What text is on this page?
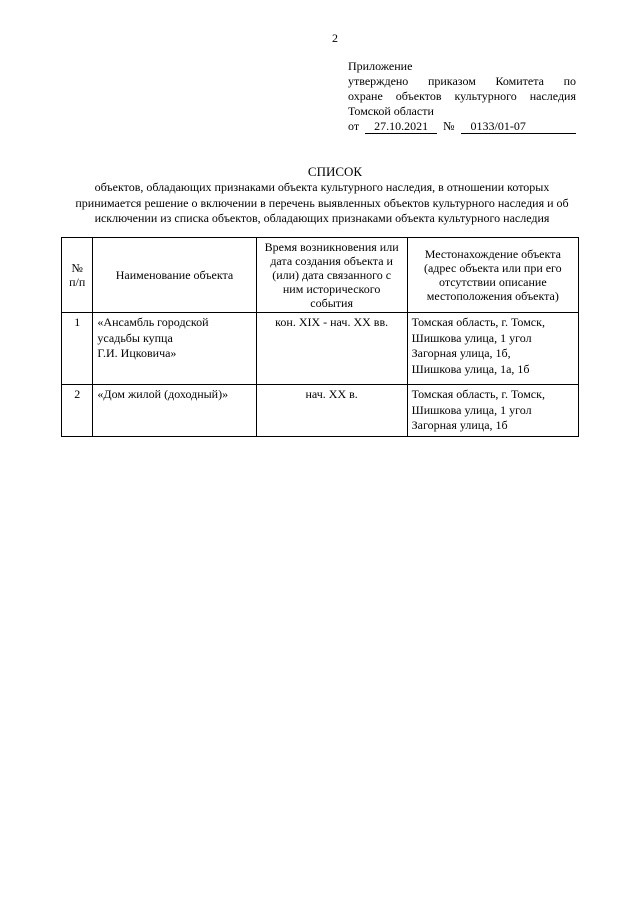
2
Приложение
утверждено приказом Комитета по
охране объектов культурного наследия
Томской области
от	27.10.2021	№	0133/01-07
СПИСОК
объектов, обладающих признаками объекта культурного наследия, в отношении которых принимается решение о включении в перечень выявленных объектов культурного наследия и об исключении из списка объектов, обладающих признаками объекта культурного наследия
№
п/п	Наименование объекта	Время возникновения или дата создания объекта и (или) дата связанного с ним исторического события	Местонахождение объекта (адрес объекта или при его отсутствии описание местоположения объекта)
1	«Ансамбль городской усадьбы купца
Г.И. Ицковича»	кон. XIX - нач. XX вв.	Томская область, г. Томск,
Шишкова улица, 1 угол
Загорная улица, 1б,
Шишкова улица, 1а, 1б
2	«Дом жилой (доходный)»	нач. XX в.	Томская область, г. Томск,
Шишкова улица, 1 угол
Загорная улица, 1б
